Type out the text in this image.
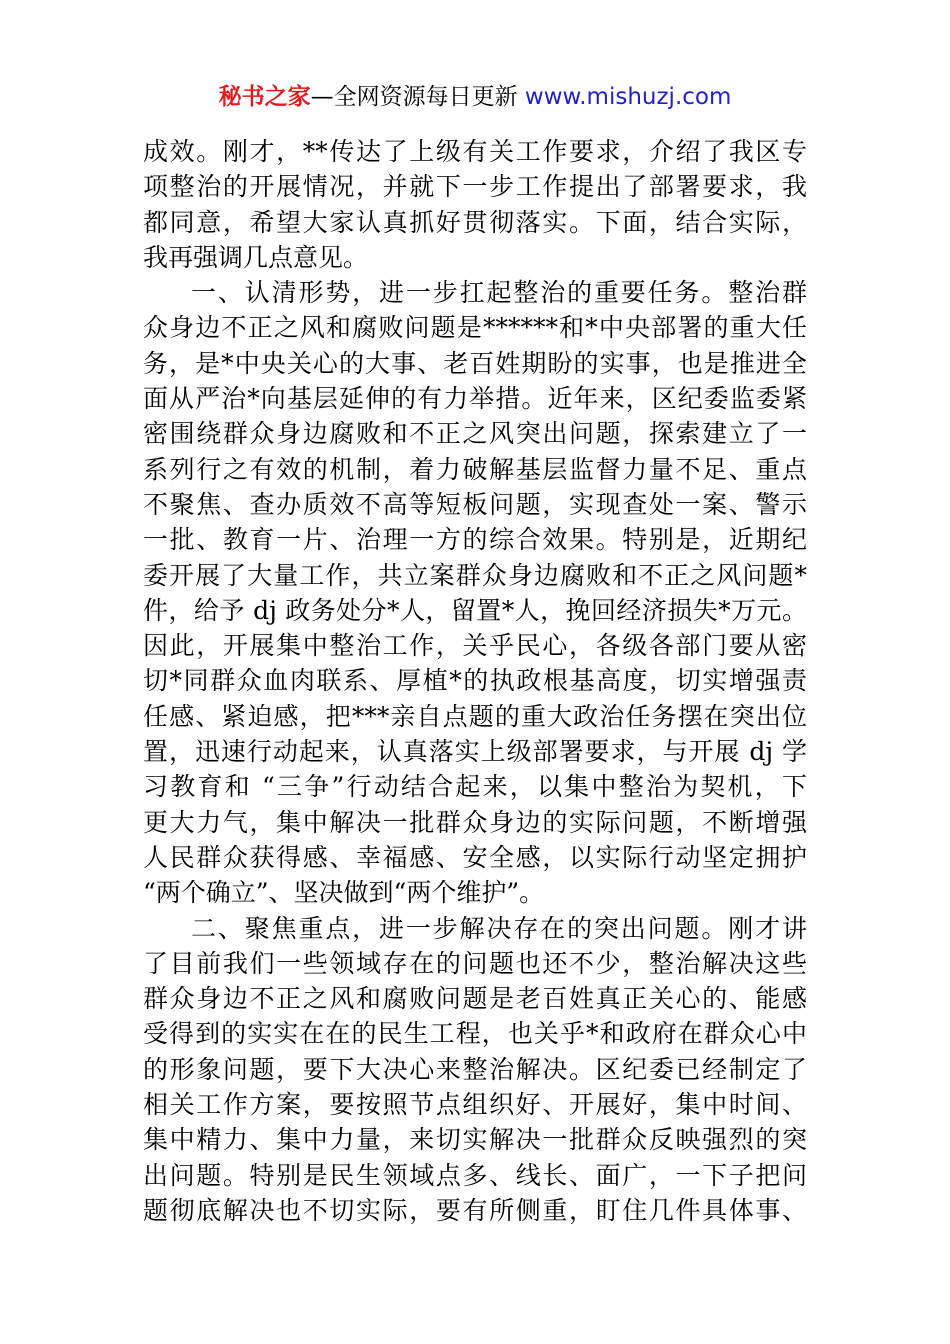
秘书之家—全网资源每日更新 www.mishuzj.com
成效。刚才，**传达了上级有关工作要求，介绍了我区专
项整治的开展情况，并就下一步工作提出了部署要求，我
都同意，希望大家认真抓好贯彻落实。下面，结合实际，
我再强调几点意见。
一、认清形势，进一步扛起整治的重要任务。整治群
众身边不正之风和腐败问题是******和*中央部署的重大任
务，是*中央关心的大事、老百姓期盼的实事，也是推进全
面从严治*向基层延伸的有力举措。近年来，区纪委监委紧
密围绕群众身边腐败和不正之风突出问题，探索建立了一
系列行之有效的机制，着力破解基层监督力量不足、重点
不聚焦、查办质效不高等短板问题，实现查处一案、警示
一批、教育一片、治理一方的综合效果。特别是，近期纪
委开展了大量工作，共立案群众身边腐败和不正之风问题*
件，给予 dj 政务处分*人，留置*人，挽回经济损失*万元。
因此，开展集中整治工作，关乎民心，各级各部门要从密
切*同群众血肉联系、厚植*的执政根基高度，切实增强责
任感、紧迫感，把***亲自点题的重大政治任务摆在突出位
置，迅速行动起来，认真落实上级部署要求，与开展 dj 学
习教育和 “三争”行动结合起来，以集中整治为契机，下
更大力气，集中解决一批群众身边的实际问题，不断增强
人民群众获得感、幸福感、安全感，以实际行动坚定拥护
“两个确立”、坚决做到“两个维护”。
二、聚焦重点，进一步解决存在的突出问题。刚才讲
了目前我们一些领域存在的问题也还不少，整治解决这些
群众身边不正之风和腐败问题是老百姓真正关心的、能感
受得到的实实在在的民生工程，也关乎*和政府在群众心中
的形象问题，要下大决心来整治解决。区纪委已经制定了
相关工作方案，要按照节点组织好、开展好，集中时间、
集中精力、集中力量，来切实解决一批群众反映强烈的突
出问题。特别是民生领域点多、线长、面广，一下子把问
题彻底解决也不切实际，要有所侧重，盯住几件具体事、
